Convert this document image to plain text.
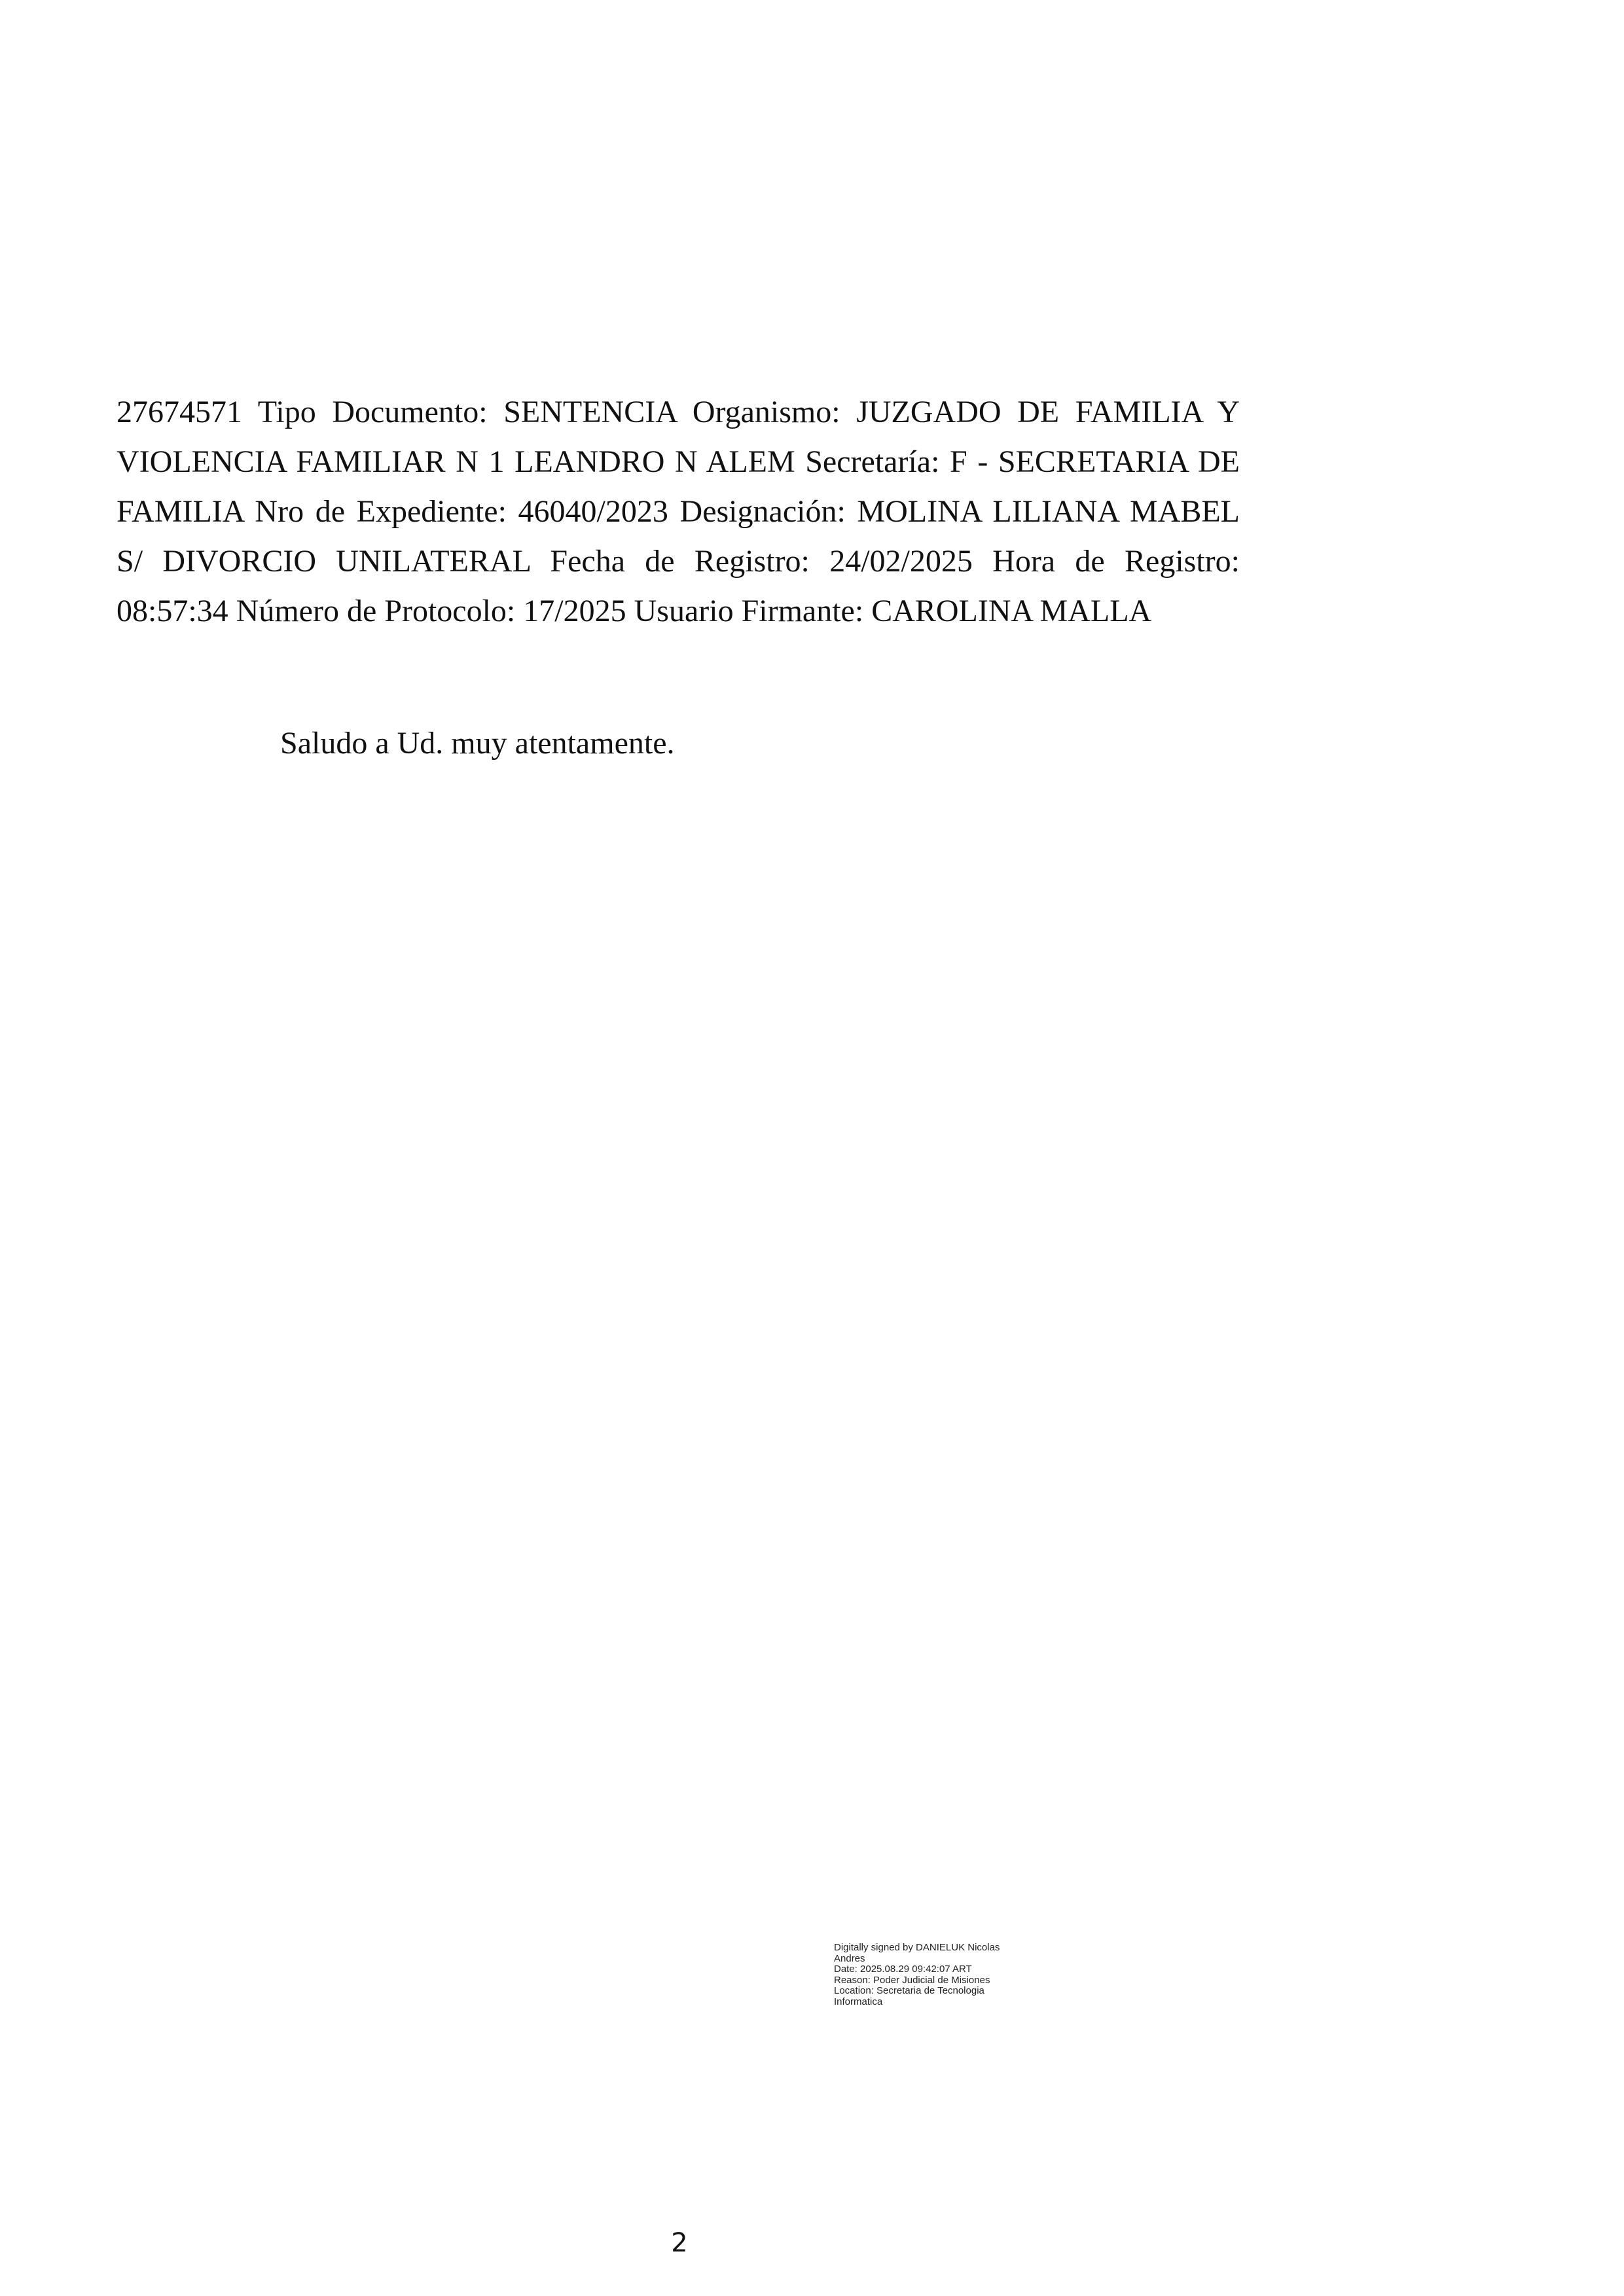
27674571 Tipo Documento: SENTENCIA Organismo: JUZGADO DE FAMILIA Y VIOLENCIA FAMILIAR N 1 LEANDRO N ALEM Secretaría: F - SECRETARIA DE FAMILIA Nro de Expediente: 46040/2023 Designación: MOLINA LILIANA MABEL S/ DIVORCIO UNILATERAL Fecha de Registro: 24/02/2025 Hora de Registro: 08:57:34 Número de Protocolo: 17/2025 Usuario Firmante: CAROLINA MALLA

Saludo a Ud. muy atentamente.

Digitally signed by DANIELUK Nicolas
Andres
Date: 2025.08.29 09:42:07 ART
Reason: Poder Judicial de Misiones
Location: Secretaria de Tecnologia
Informatica
2
